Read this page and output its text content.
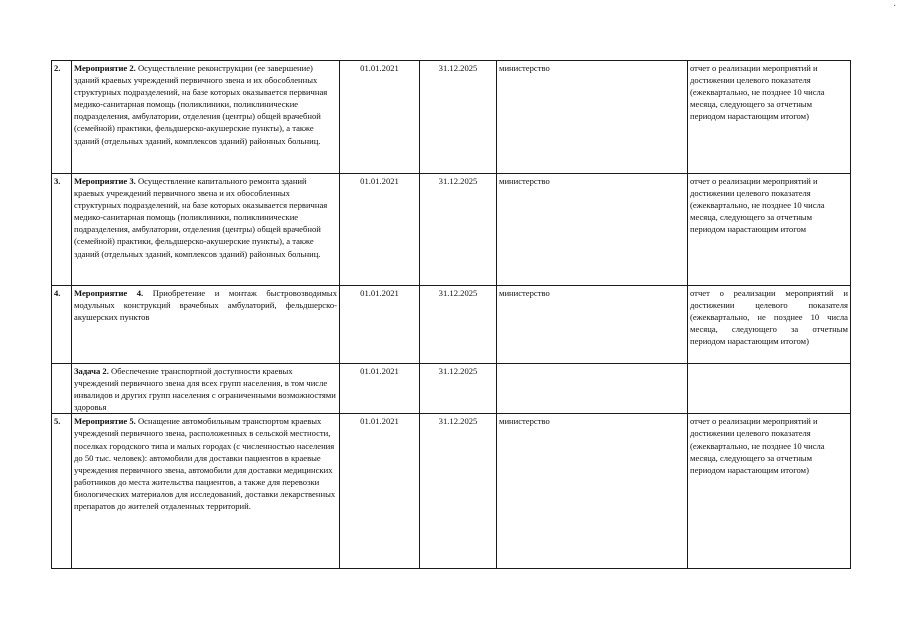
·
2.	Мероприятие 2. Осуществление реконструкции (ее завершение) зданий краевых учреждений первичного звена и их обособленных структурных подразделений, на базе которых оказывается первичная медико-санитарная помощь (поликлиники, поликлинические подразделения, амбулатории, отделения (центры) общей врачебной (семейной) практики, фельдшерско-акушерские пункты), а также зданий (отдельных зданий, комплексов зданий) районных больниц.	01.01.2021	31.12.2025	министерство	отчет о реализации мероприятий и достижении целевого показателя (ежеквартально, не позднее 10 числа месяца, следующего за отчетным периодом нарастающим итогом)
3.	Мероприятие 3. Осуществление капитального ремонта зданий краевых учреждений первичного звена и их обособленных структурных подразделений, на базе которых оказывается первичная медико-санитарная помощь (поликлиники, поликлинические подразделения, амбулатории, отделения (центры) общей врачебной (семейной) практики, фельдшерско-акушерские пункты), а также зданий (отдельных зданий, комплексов зданий) районных больниц.	01.01.2021	31.12.2025	министерство	отчет о реализации мероприятий и достижении целевого показателя (ежеквартально, не позднее 10 числа месяца, следующего за отчетным периодом нарастающим итогом
4.	Мероприятие 4. Приобретение и монтаж быстровозводимых модульных конструкций врачебных амбулаторий, фельдшерско-акушерских пунктов	01.01.2021	31.12.2025	министерство	отчет о реализации мероприятий и достижении целевого показателя (ежеквартально, не позднее 10 числа месяца, следующего за отчетным периодом нарастающим итогом)
	Задача 2. Обеспечение транспортной доступности краевых учреждений первичного звена для всех групп населения, в том числе инвалидов и других групп населения с ограниченными возможностями здоровья	01.01.2021	31.12.2025		
5.	Мероприятие 5. Оснащение автомобильным транспортом краевых учреждений первичного звена, расположенных в сельской местности, поселках городского типа и малых городах (с численностью населения до 50 тыс. человек): автомобили для доставки пациентов в краевые учреждения первичного звена, автомобили для доставки медицинских работников до места жительства пациентов, а также для перевозки биологических материалов для исследований, доставки лекарственных препаратов до жителей отдаленных территорий.	01.01.2021	31.12.2025	министерство	отчет о реализации мероприятий и достижении целевого показателя (ежеквартально, не позднее 10 числа месяца, следующего за отчетным периодом нарастающим итогом)
